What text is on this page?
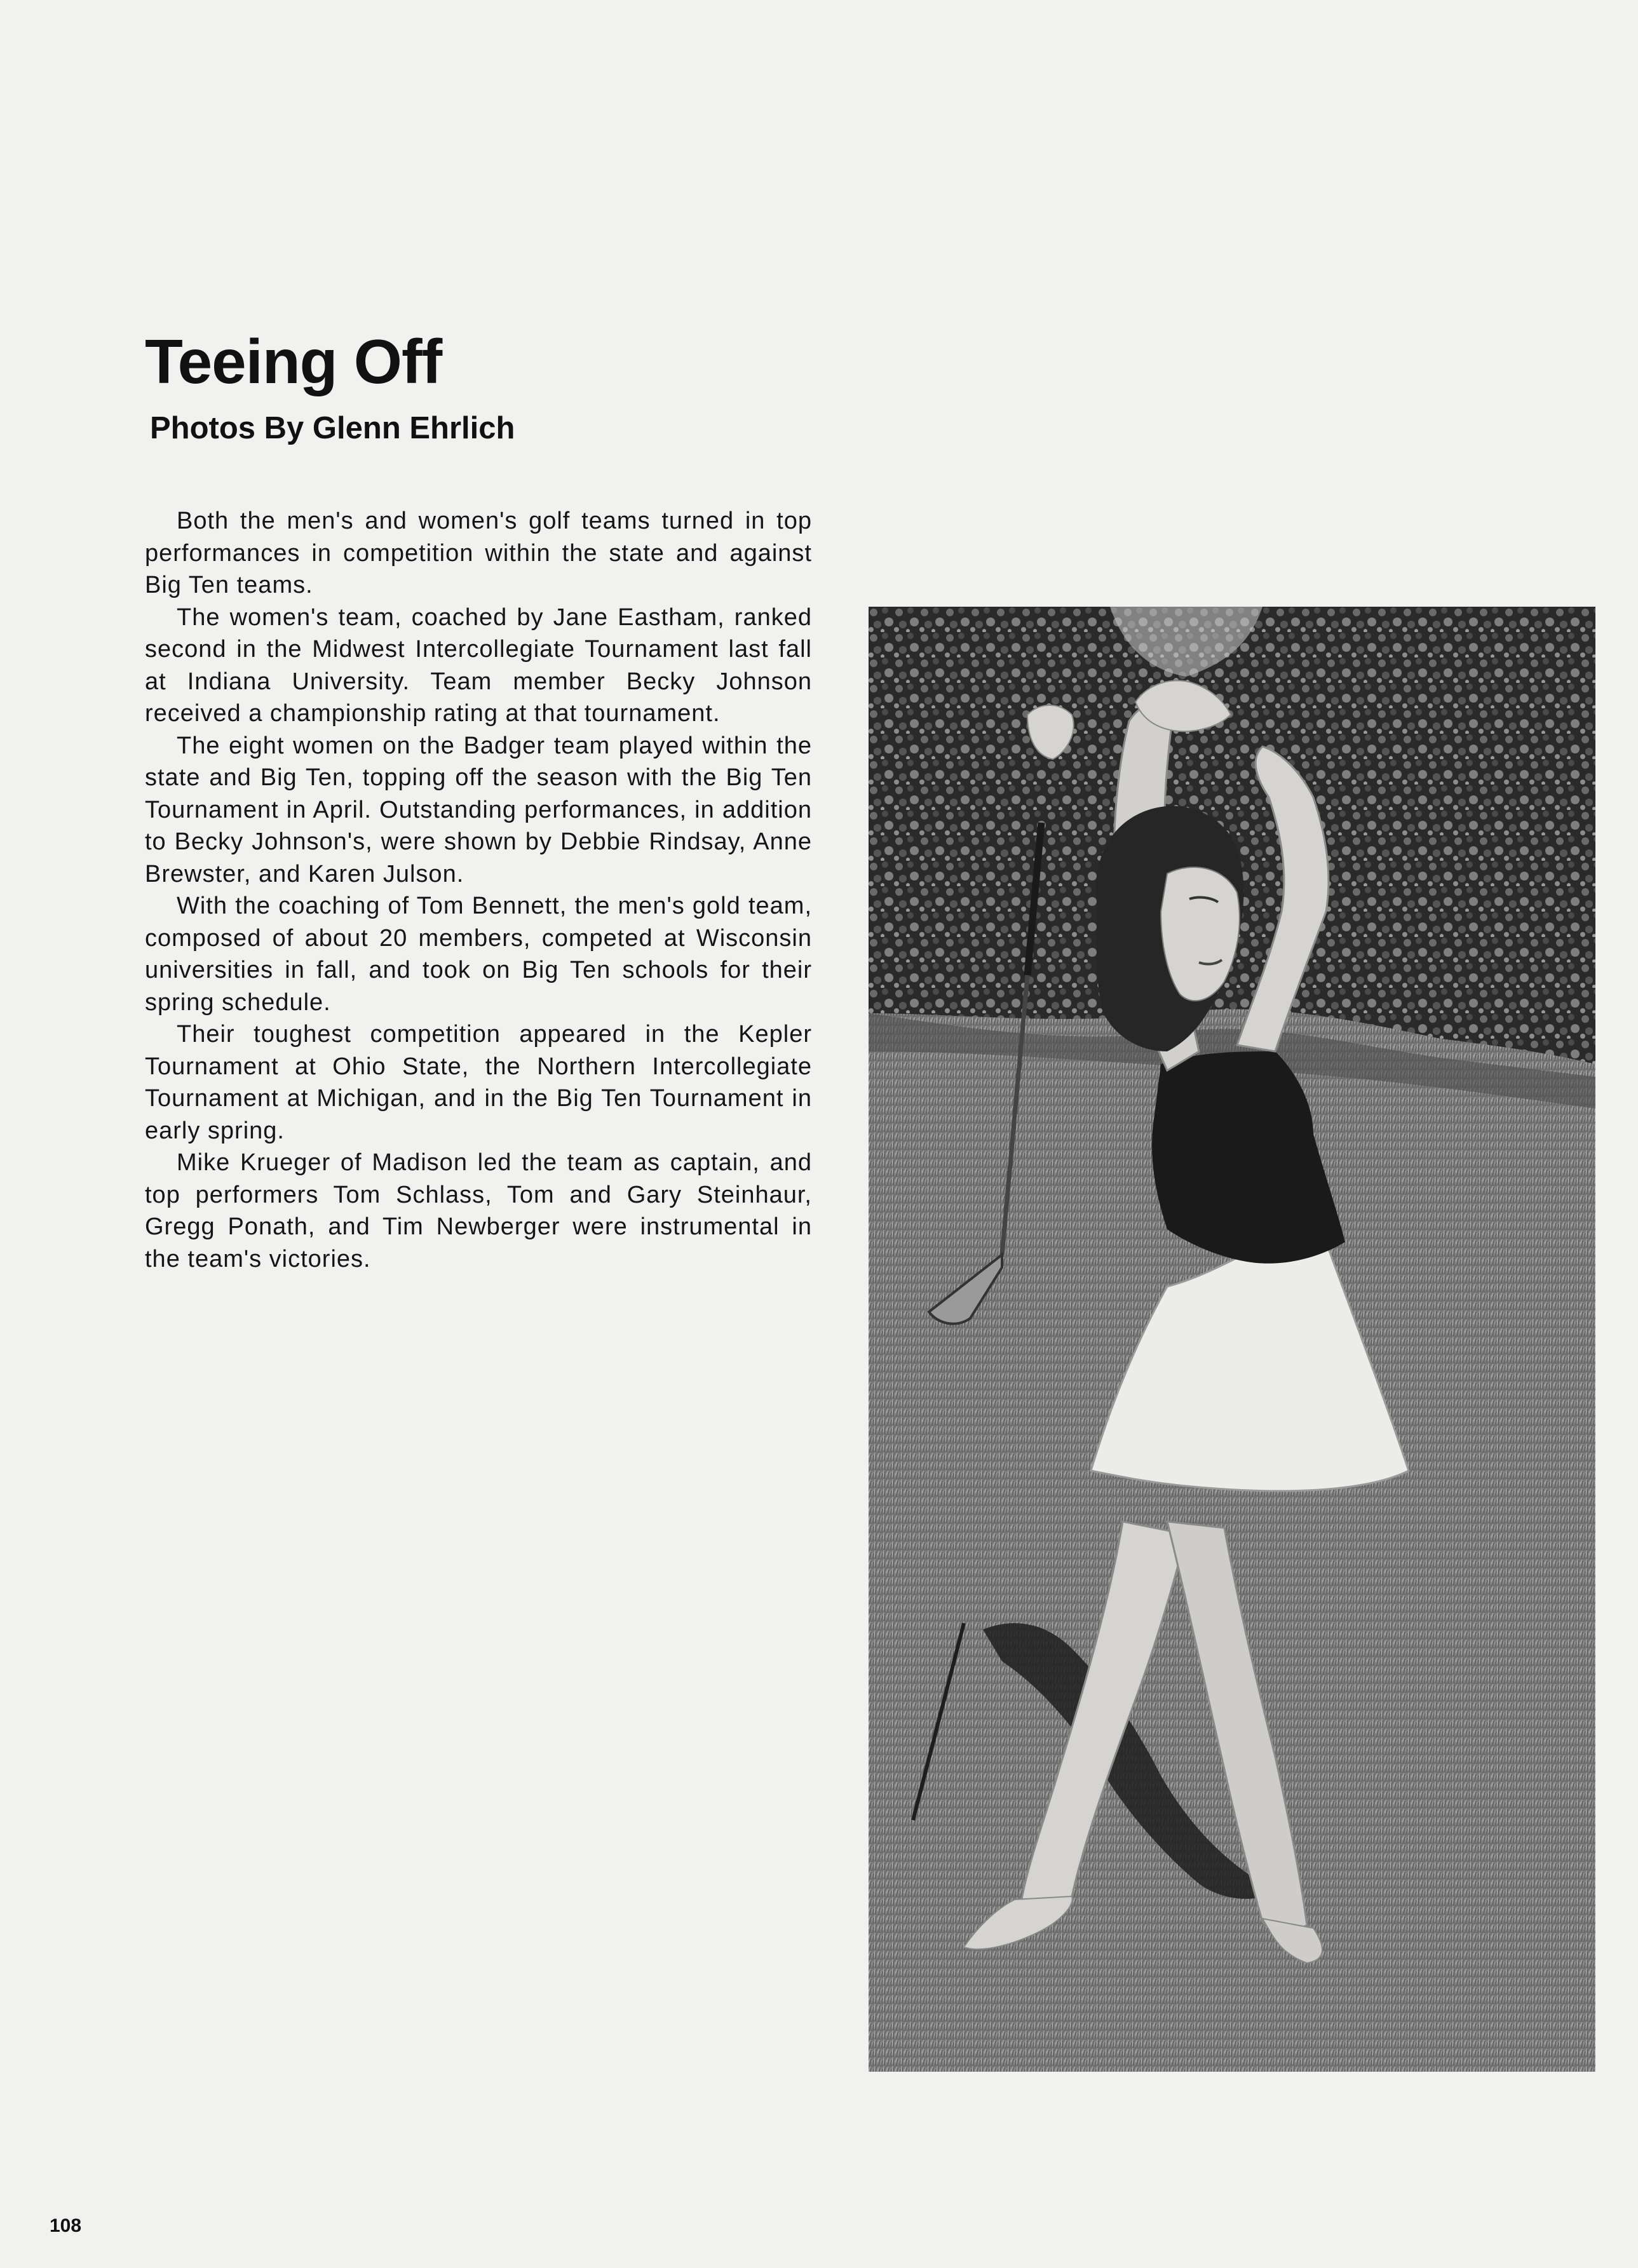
Teeing Off
Photos By Glenn Ehrlich

Both the men's and women's golf teams turned in top performances in competition within the state and against Big Ten teams.

The women's team, coached by Jane Eastham, ranked second in the Midwest Intercollegiate Tournament last fall at Indiana University. Team member Becky Johnson received a championship rating at that tournament.

The eight women on the Badger team played within the state and Big Ten, topping off the season with the Big Ten Tournament in April. Outstanding performances, in addition to Becky Johnson's, were shown by Debbie Rindsay, Anne Brewster, and Karen Julson.

With the coaching of Tom Bennett, the men's gold team, composed of about 20 members, competed at Wisconsin universities in fall, and took on Big Ten schools for their spring schedule.

Their toughest competition appeared in the Kepler Tournament at Ohio State, the Northern Intercollegiate Tournament at Michigan, and in the Big Ten Tournament in early spring.

Mike Krueger of Madison led the team as captain, and top performers Tom Schlass, Tom and Gary Steinhaur, Gregg Ponath, and Tim Newberger were instrumental in the team's victories.

108
